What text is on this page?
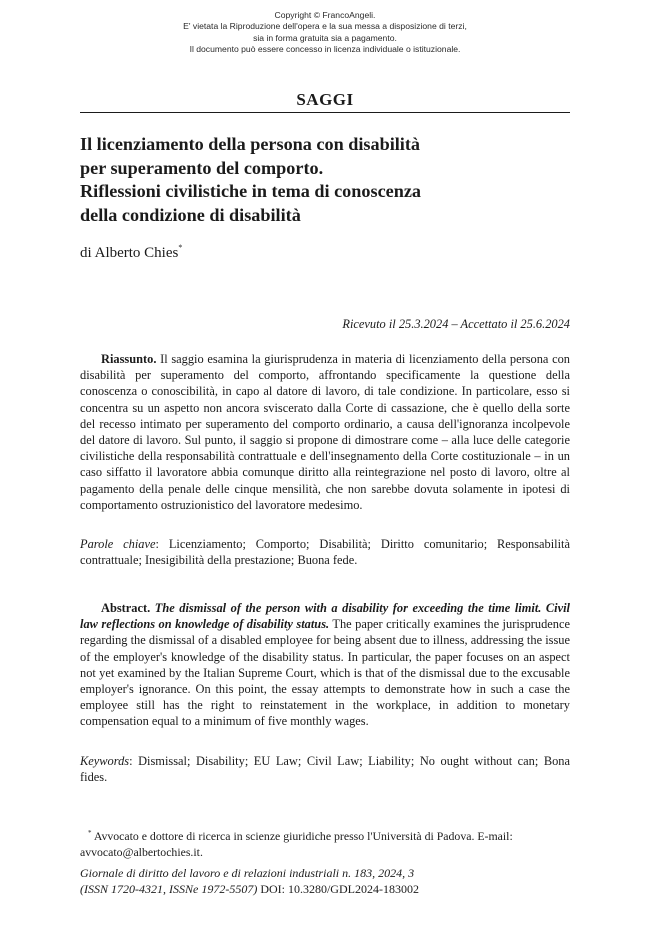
Copyright © FrancoAngeli.
E' vietata la Riproduzione dell'opera e la sua messa a disposizione di terzi,
sia in forma gratuita sia a pagamento.
Il documento può essere concesso in licenza individuale o istituzionale.
SAGGI
Il licenziamento della persona con disabilità
per superamento del comporto.
Riflessioni civilistiche in tema di conoscenza
della condizione di disabilità
di Alberto Chies*
Ricevuto il 25.3.2024 – Accettato il 25.6.2024
Riassunto. Il saggio esamina la giurisprudenza in materia di licenziamento della persona con disabilità per superamento del comporto, affrontando specificamente la questione della conoscenza o conoscibilità, in capo al datore di lavoro, di tale condizione. In particolare, esso si concentra su un aspetto non ancora sviscerato dalla Corte di cassazione, che è quello della sorte del recesso intimato per superamento del comporto ordinario, a causa dell'ignoranza incolpevole del datore di lavoro. Sul punto, il saggio si propone di dimostrare come – alla luce delle categorie civilistiche della responsabilità contrattuale e dell'insegnamento della Corte costituzionale – in un caso siffatto il lavoratore abbia comunque diritto alla reintegrazione nel posto di lavoro, oltre al pagamento della penale delle cinque mensilità, che non sarebbe dovuta solamente in ipotesi di comportamento ostruzionistico del lavoratore medesimo.
Parole chiave: Licenziamento; Comporto; Disabilità; Diritto comunitario; Responsabilità contrattuale; Inesigibilità della prestazione; Buona fede.
Abstract. The dismissal of the person with a disability for exceeding the time limit. Civil law reflections on knowledge of disability status. The paper critically examines the jurisprudence regarding the dismissal of a disabled employee for being absent due to illness, addressing the issue of the employer's knowledge of the disability status. In particular, the paper focuses on an aspect not yet examined by the Italian Supreme Court, which is that of the dismissal due to the excusable employer's ignorance. On this point, the essay attempts to demonstrate how in such a case the employee still has the right to reinstatement in the workplace, in addition to monetary compensation equal to a minimum of five monthly wages.
Keywords: Dismissal; Disability; EU Law; Civil Law; Liability; No ought without can; Bona fides.
* Avvocato e dottore di ricerca in scienze giuridiche presso l'Università di Padova. E-mail: avvocato@albertochies.it.
Giornale di diritto del lavoro e di relazioni industriali n. 183, 2024, 3
(ISSN 1720-4321, ISSNe 1972-5507) DOI: 10.3280/GDL2024-183002
